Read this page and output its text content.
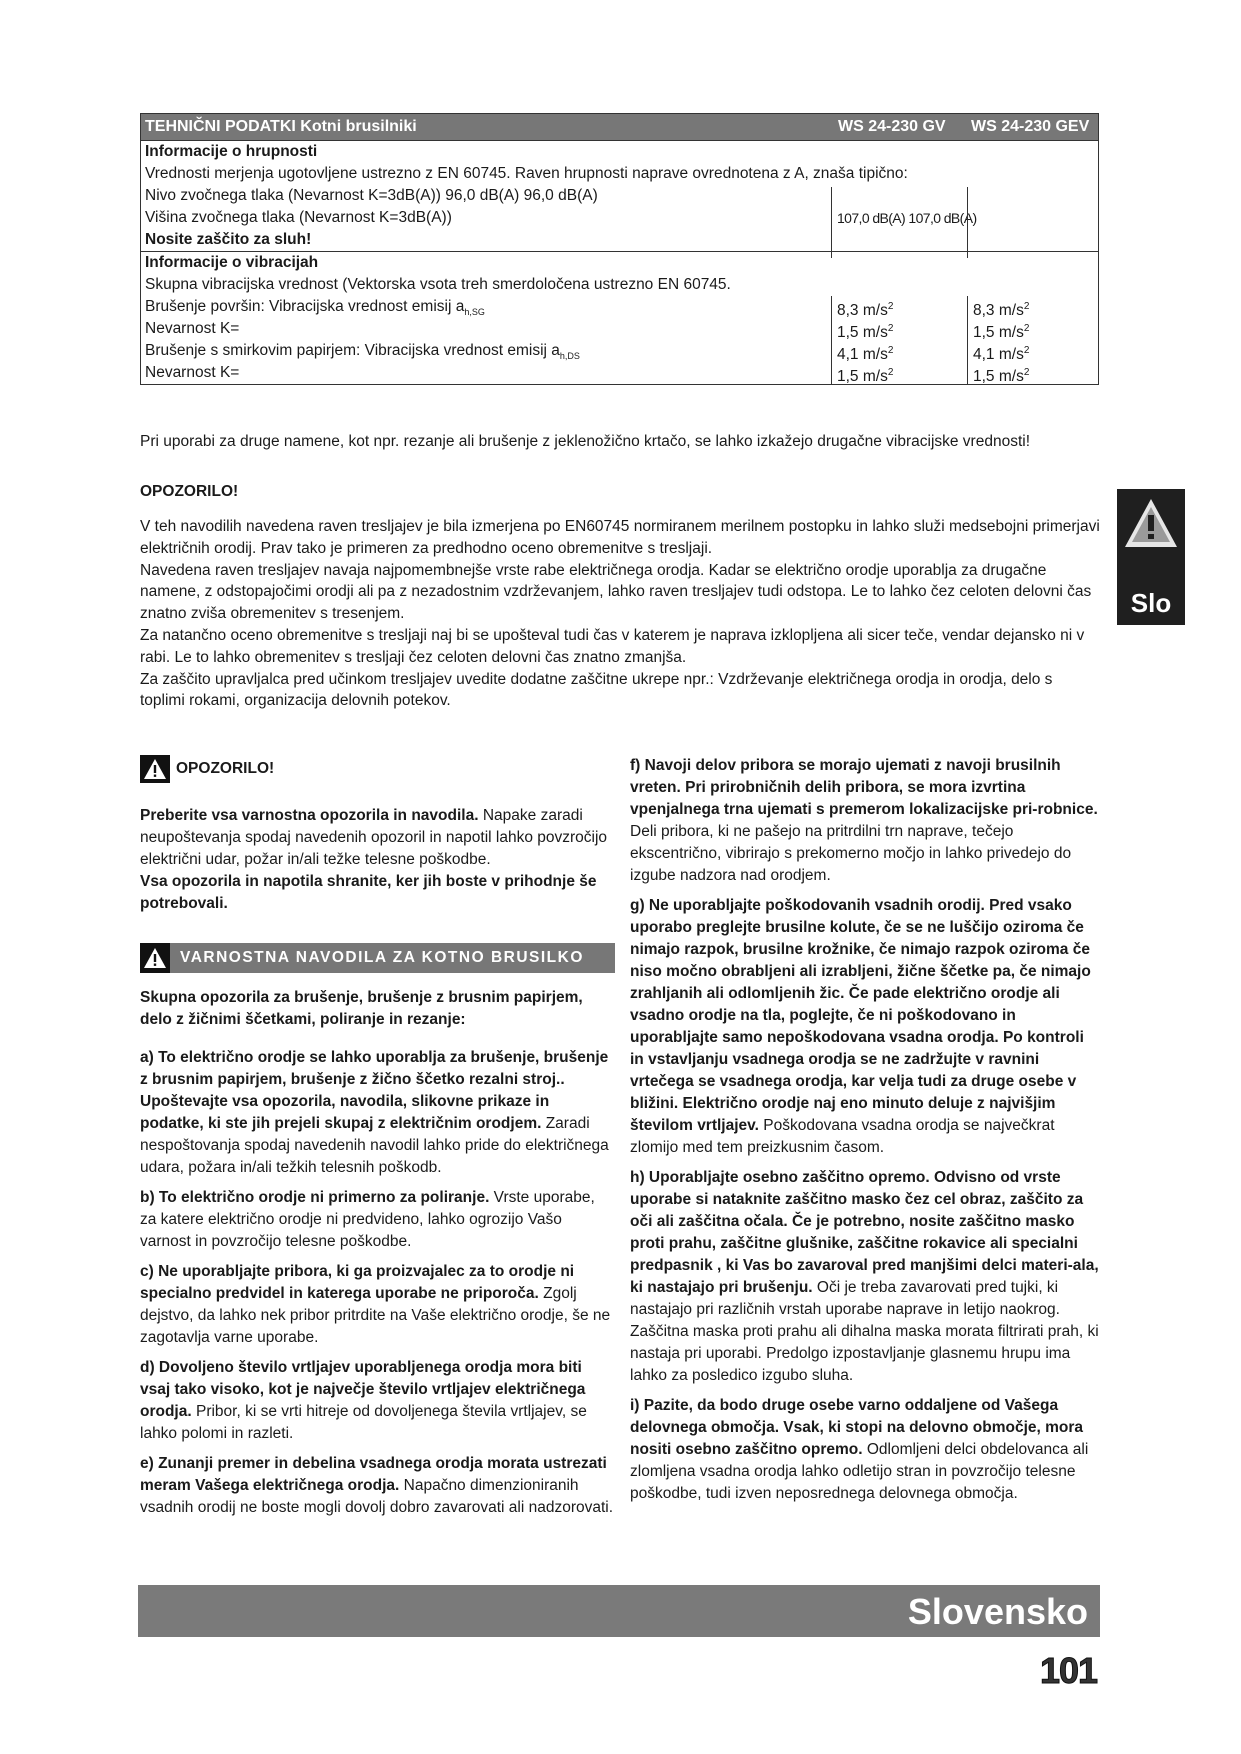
TEHNIČNI PODATKI Kotni brusilniki	WS 24-230 GV WS 24-230 GEV
Informacije o hrupnosti
Vrednosti merjenja ugotovljene ustrezno z EN 60745. Raven hrupnosti naprave ovrednotena z A, znaša tipično:
Nivo zvočnega tlaka (Nevarnost K=3dB(A)) 96,0 dB(A) 96,0 dB(A)
Višina zvočnega tlaka (Nevarnost K=3dB(A))	107,0 dB(A) 107,0 dB(A)
Nosite zaščito za sluh!
Informacije o vibracijah
Skupna vibracijska vrednost (Vektorska vsota treh smerdoločena ustrezno EN 60745.
Brušenje površin: Vibracijska vrednost emisij $a_{h,SG}$	8,3 $m/s^2$	8,3 $m/s^2$
Nevarnost K=	1,5 $m/s^2$	1,5 $m/s^2$
Brušenje s smirkovim papirjem: Vibracijska vrednost emisij $a_{h,DS}$	4,1 $m/s^2$	4,1 $m/s^2$
Nevarnost K=	1,5 $m/s^2$	1,5 $m/s^2$
Pri uporabi za druge namene, kot npr. rezanje ali brušenje z jeklenožično krtačo, se lahko izkažejo drugačne vibracijske vrednosti!
OPOZORILO!

V teh navodilih navedena raven tresljajev je bila izmerjena po EN60745 normiranem merilnem postopku in lahko služi medsebojni primerjavi električnih orodij. Prav tako je primeren za predhodno oceno obremenitve s tresljaji.

Navedena raven tresljajev navaja najpomembnejše vrste rabe električnega orodja. Kadar se električno orodje uporablja za drugačne namene, z odstopajočimi orodji ali pa z nezadostnim vzdrževanjem, lahko raven tresljajev tudi odstopa. Le to lahko čez celoten delovni čas znatno zviša obremenitev s tresenjem.

Za natančno oceno obremenitve s tresljaji naj bi se upošteval tudi čas v katerem je naprava izklopljena ali sicer teče, vendar dejansko ni v rabi. Le to lahko obremenitev s tresljaji čez celoten delovni čas znatno zmanjša.

Za zaščito upravljalca pred učinkom tresljajev uvedite dodatne zaščitne ukrepe npr.: Vzdrževanje električnega orodja in orodja, delo s toplimi rokami, organizacija delovnih potekov.

Slo
OPOZORILO!

Preberite vsa varnostna opozorila in navodila. Napake zaradi neupoštevanja spodaj navedenih opozoril in napotil lahko povzročijo električni udar, požar in/ali težke telesne poškodbe.
Vsa opozorila in napotila shranite, ker jih boste v prihodnje še potrebovali.

VARNOSTNA NAVODILA ZA KOTNO BRUSILKO

Skupna opozorila za brušenje, brušenje z brusnim papirjem, delo z žičnimi ščetkami, poliranje in rezanje:

a) To električno orodje se lahko uporablja za brušenje, brušenje z brusnim papirjem, brušenje z žično ščetko rezalni stroj.. Upoštevajte vsa opozorila, navodila, slikovne prikaze in podatke, ki ste jih prejeli skupaj z električnim orodjem. Zaradi nespoštovanja spodaj navedenih navodil lahko pride do električnega udara, požara in/ali težkih telesnih poškodb.

b) To električno orodje ni primerno za poliranje. Vrste uporabe, za katere električno orodje ni predvideno, lahko ogrozijo Vašo varnost in povzročijo telesne poškodbe.

c) Ne uporabljajte pribora, ki ga proizvajalec za to orodje ni specialno predvidel in katerega uporabe ne priporoča. Zgolj dejstvo, da lahko nek pribor pritrdite na Vaše električno orodje, še ne zagotavlja varne uporabe.

d) Dovoljeno število vrtljajev uporabljenega orodja mora biti vsaj tako visoko, kot je največje število vrtljajev električnega orodja. Pribor, ki se vrti hitreje od dovoljenega števila vrtljajev, se lahko polomi in razleti.

e) Zunanji premer in debelina vsadnega orodja morata ustrezati meram Vašega električnega orodja. Napačno dimenzioniranih vsadnih orodij ne boste mogli dovolj dobro zavarovati ali nadzorovati.

f) Navoji delov pribora se morajo ujemati z navoji brusilnih vreten. Pri prirobničnih delih pribora, se mora izvrtina vpenjalnega trna ujemati s premerom lokalizacijske pri-robnice. Deli pribora, ki ne pašejo na pritrdilni trn naprave, tečejo ekscentrično, vibrirajo s prekomerno močjo in lahko privedejo do izgube nadzora nad orodjem.

g) Ne uporabljajte poškodovanih vsadnih orodij. Pred vsako uporabo preglejte brusilne kolute, če se ne luščijo oziroma če nimajo razpok, brusilne krožnike, če nimajo razpok oziroma če niso močno obrabljeni ali izrabljeni, žične ščetke pa, če nimajo zrahljanih ali odlomljenih žic. Če pade električno orodje ali vsadno orodje na tla, poglejte, če ni poškodovano in uporabljajte samo nepoškodovana vsadna orodja. Po kontroli in vstavljanju vsadnega orodja se ne zadržujte v ravnini vrtečega se vsadnega orodja, kar velja tudi za druge osebe v bližini. Električno orodje naj eno minuto deluje z najvišjim številom vrtljajev. Poškodovana vsadna orodja se največkrat zlomijo med tem preizkusnim časom.

h) Uporabljajte osebno zaščitno opremo. Odvisno od vrste uporabe si nataknite zaščitno masko čez cel obraz, zaščito za oči ali zaščitna očala. Če je potrebno, nosite zaščitno masko proti prahu, zaščitne glušnike, zaščitne rokavice ali specialni predpasnik , ki Vas bo zavaroval pred manjšimi delci materi-ala, ki nastajajo pri brušenju. Oči je treba zavarovati pred tujki, ki nastajajo pri različnih vrstah uporabe naprave in letijo naokrog. Zaščitna maska proti prahu ali dihalna maska morata filtrirati prah, ki nastaja pri uporabi. Predolgo izpostavljanje glasnemu hrupu ima lahko za posledico izgubo sluha.

i) Pazite, da bodo druge osebe varno oddaljene od Vašega delovnega območja. Vsak, ki stopi na delovno območje, mora nositi osebno zaščitno opremo. Odlomljeni delci obdelovanca ali zlomljena vsadna orodja lahko odletijo stran in povzročijo telesne poškodbe, tudi izven neposrednega delovnega območja.

Slovensko
101
